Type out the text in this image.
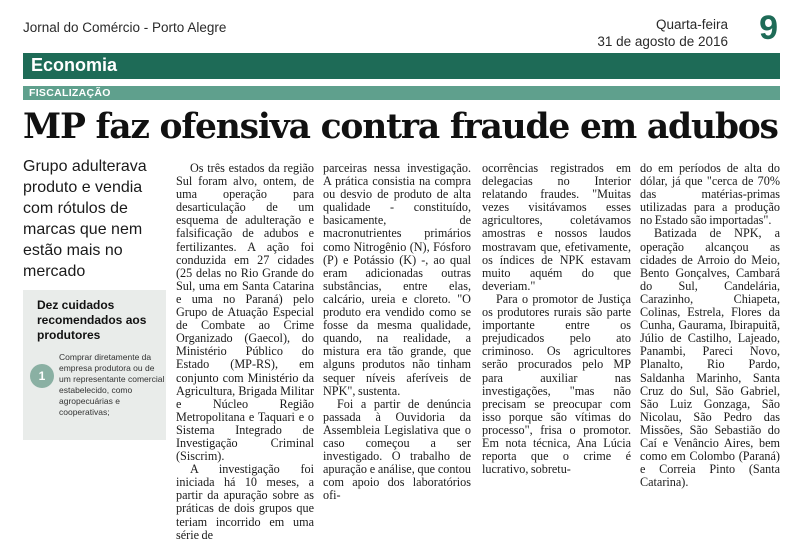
Jornal do Comércio - Porto Alegre	Quarta-feira
31 de agosto de 2016 9
Economia
FISCALIZAÇÃO
MP faz ofensiva contra fraude em adubos
Grupo adulterava produto e vendia com rótulos de marcas que nem estão mais no mercado
Dez cuidados recomendados aos produtores
1
Comprar diretamente da empresa produtora ou de um representante comercial estabelecido, como agropecuárias e cooperativas;

Os três estados da região Sul foram alvo, ontem, de uma operação para desarticulação de um esquema de adulteração e falsificação de adubos e fertilizantes. A ação foi conduzida em 27 cidades (25 delas no Rio Grande do Sul, uma em Santa Catarina e uma no Paraná) pelo Grupo de Atuação Especial de Combate ao Crime Organizado (Gaecol), do Ministério Público do Estado (MP-RS), em conjunto com Ministério da Agricultura, Brigada Militar e Núcleo Região Metropolitana e Taquari e o Sistema Integrado de Investigação Criminal (Siscrim).

A investigação foi iniciada há 10 meses, a partir da apuração sobre as práticas de dois grupos que teriam incorrido em uma série de

parceiras nessa investigação. A prática consistia na compra ou desvio de produto de alta qualidade - constituído, basicamente, de macronutrientes primários como Nitrogênio (N), Fósforo (P) e Potássio (K) -, ao qual eram adicionadas outras substâncias, entre elas, calcário, ureia e cloreto. "O produto era vendido como se fosse da mesma qualidade, quando, na realidade, a mistura era tão grande, que alguns produtos não tinham sequer níveis aferíveis de NPK", sustenta.

Foi a partir de denúncia passada à Ouvidoria da Assembleia Legislativa que o caso começou a ser investigado. O trabalho de apuração e análise, que contou com apoio dos laboratórios ofi-

ocorrências registrados em delegacias no Interior relatando fraudes. "Muitas vezes visitávamos esses agricultores, coletávamos amostras e nossos laudos mostravam que, efetivamente, os índices de NPK estavam muito aquém do que deveriam."

Para o promotor de Justiça os produtores rurais são parte importante entre os prejudicados pelo ato criminoso. Os agricultores serão procurados pelo MP para auxiliar nas investigações, "mas não precisam se preocupar com isso porque são vítimas do processo", frisa o promotor. Em nota técnica, Ana Lúcia reporta que o crime é lucrativo, sobretu-

do em períodos de alta do dólar, já que "cerca de 70% das matérias-primas utilizadas para a produção no Estado são importadas".

Batizada de NPK, a operação alcançou as cidades de Arroio do Meio, Bento Gonçalves, Cambará do Sul, Candelária, Carazinho, Chiapeta, Colinas, Estrela, Flores da Cunha, Gaurama, Ibirapuitã, Júlio de Castilho, Lajeado, Panambi, Pareci Novo, Planalto, Rio Pardo, Saldanha Marinho, Santa Cruz do Sul, São Gabriel, São Luiz Gonzaga, São Nicolau, São Pedro das Missões, São Sebastião do Caí e Venâncio Aires, bem como em Colombo (Paraná) e Correia Pinto (Santa Catarina).
